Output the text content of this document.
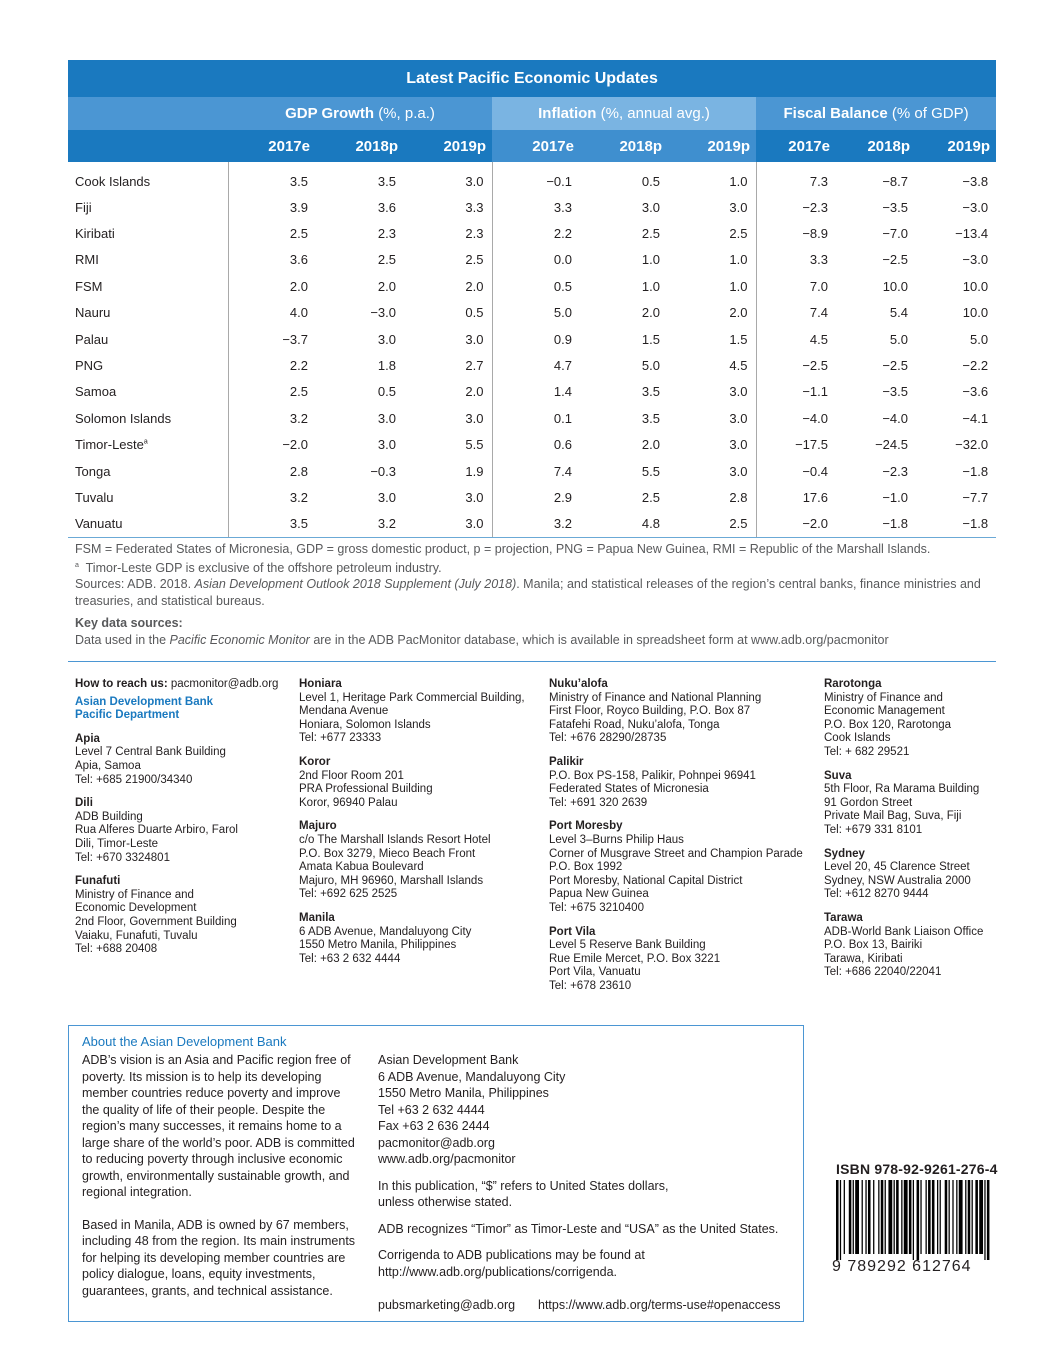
Latest Pacific Economic Updates									
	GDP Growth (%, p.a.)			Inflation (%, annual avg.)			Fiscal Balance (% of GDP)		
	2017e	2018p	2019p	2017e	2018p	2019p	2017e	2018p	2019p
Cook Islands	3.5	3.5	3.0	−0.1	0.5	1.0	7.3	−8.7	−3.8
Fiji	3.9	3.6	3.3	3.3	3.0	3.0	−2.3	−3.5	−3.0
Kiribati	2.5	2.3	2.3	2.2	2.5	2.5	−8.9	−7.0	−13.4
RMI	3.6	2.5	2.5	0.0	1.0	1.0	3.3	−2.5	−3.0
FSM	2.0	2.0	2.0	0.5	1.0	1.0	7.0	10.0	10.0
Nauru	4.0	−3.0	0.5	5.0	2.0	2.0	7.4	5.4	10.0
Palau	−3.7	3.0	3.0	0.9	1.5	1.5	4.5	5.0	5.0
PNG	2.2	1.8	2.7	4.7	5.0	4.5	−2.5	−2.5	−2.2
Samoa	2.5	0.5	2.0	1.4	3.5	3.0	−1.1	−3.5	−3.6
Solomon Islands	3.2	3.0	3.0	0.1	3.5	3.0	−4.0	−4.0	−4.1
Timor-Leste$^a$	−2.0	3.0	5.5	0.6	2.0	3.0	−17.5	−24.5	−32.0
Tonga	2.8	−0.3	1.9	7.4	5.5	3.0	−0.4	−2.3	−1.8
Tuvalu	3.2	3.0	3.0	2.9	2.5	2.8	17.6	−1.0	−7.7
Vanuatu	3.5	3.2	3.0	3.2	4.8	2.5	−2.0	−1.8	−1.8
FSM = Federated States of Micronesia, GDP = gross domestic product, p = projection, PNG = Papua New Guinea, RMI = Republic of the Marshall Islands.
$^a$ Timor-Leste GDP is exclusive of the offshore petroleum industry.
Sources: ADB. 2018. Asian Development Outlook 2018 Supplement (July 2018). Manila; and statistical releases of the region’s central banks, finance ministries and treasuries, and statistical bureaus.
Key data sources:
Data used in the Pacific Economic Monitor are in the ADB PacMonitor database, which is available in spreadsheet form at www.adb.org/pacmonitor
How to reach us: pacmonitor@adb.org
Asian Development Bank
Pacific Department
Apia
Level 7 Central Bank Building
Apia, Samoa
Tel: +685 21900/34340
Dili
ADB Building
Rua Alferes Duarte Arbiro, Farol
Dili, Timor-Leste
Tel: +670 3324801
Funafuti
Ministry of Finance and
Economic Development
2nd Floor, Government Building
Vaiaku, Funafuti, Tuvalu
Tel: +688 20408
Honiara
Level 1, Heritage Park Commercial Building,
Mendana Avenue
Honiara, Solomon Islands
Tel: +677 23333
Koror
2nd Floor Room 201
PRA Professional Building
Koror, 96940 Palau
Majuro
c/o The Marshall Islands Resort Hotel
P.O. Box 3279, Mieco Beach Front
Amata Kabua Boulevard
Majuro, MH 96960, Marshall Islands
Tel: +692 625 2525
Manila
6 ADB Avenue, Mandaluyong City
1550 Metro Manila, Philippines
Tel: +63 2 632 4444
Nuku’alofa
Ministry of Finance and National Planning
First Floor, Royco Building, P.O. Box 87
Fatafehi Road, Nuku’alofa, Tonga
Tel: +676 28290/28735
Palikir
P.O. Box PS-158, Palikir, Pohnpei 96941
Federated States of Micronesia
Tel: +691 320 2639
Port Moresby
Level 3–Burns Philip Haus
Corner of Musgrave Street and Champion Parade
P.O. Box 1992
Port Moresby, National Capital District
Papua New Guinea
Tel: +675 3210400
Port Vila
Level 5 Reserve Bank Building
Rue Emile Mercet, P.O. Box 3221
Port Vila, Vanuatu
Tel: +678 23610
Rarotonga
Ministry of Finance and
Economic Management
P.O. Box 120, Rarotonga
Cook Islands
Tel: + 682 29521
Suva
5th Floor, Ra Marama Building
91 Gordon Street
Private Mail Bag, Suva, Fiji
Tel: +679 331 8101
Sydney
Level 20, 45 Clarence Street
Sydney, NSW Australia 2000
Tel: +612 8270 9444
Tarawa
ADB-World Bank Liaison Office
P.O. Box 13, Bairiki
Tarawa, Kiribati
Tel: +686 22040/22041
About the Asian Development Bank

ADB’s vision is an Asia and Pacific region free of poverty. Its mission is to help its developing member countries reduce poverty and improve the quality of life of their people. Despite the region’s many successes, it remains home to a large share of the world’s poor. ADB is committed to reducing poverty through inclusive economic growth, environmentally sustainable growth, and regional integration.

Based in Manila, ADB is owned by 67 members, including 48 from the region. Its main instruments for helping its developing member countries are policy dialogue, loans, equity investments, guarantees, grants, and technical assistance.

Asian Development Bank
6 ADB Avenue, Mandaluyong City
1550 Metro Manila, Philippines
Tel +63 2 632 4444
Fax +63 2 636 2444
pacmonitor@adb.org
www.adb.org/pacmonitor

In this publication, “$” refers to United States dollars, unless otherwise stated.

ADB recognizes “Timor” as Timor-Leste and “USA” as the United States.

Corrigenda to ADB publications may be found at http://www.adb.org/publications/corrigenda.

pubsmarketing@adb.org https://www.adb.org/terms-use#openaccess
ISBN 978-92-9261-276-4
9 789292 612764
